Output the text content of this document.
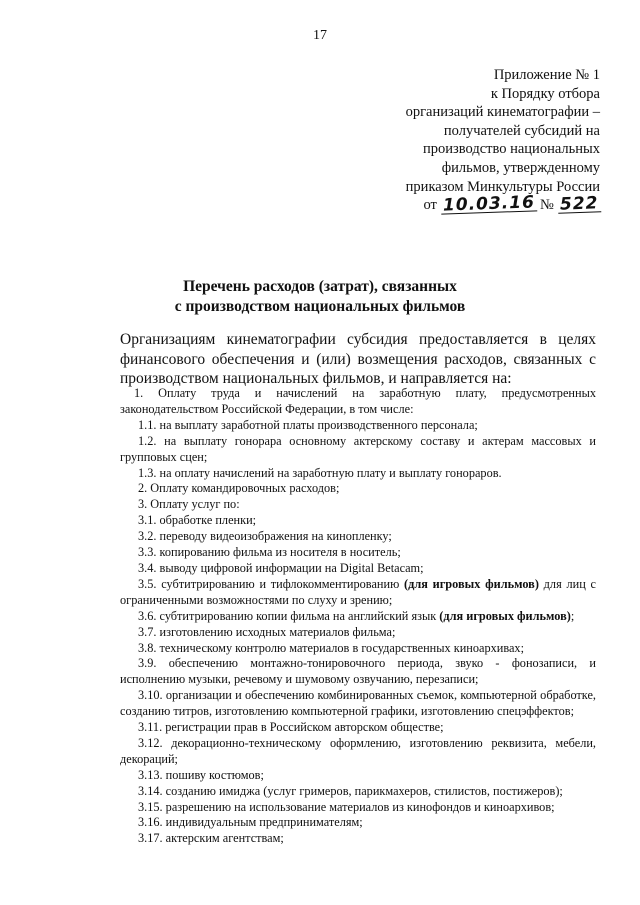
17
Приложение № 1
к Порядку отбора
организаций кинематографии –
получателей субсидий на
производство национальных
фильмов, утвержденному
приказом Минкультуры России
от 10.03.16 № 522
Перечень расходов (затрат), связанных
с производством национальных фильмов
Организациям кинематографии субсидия предоставляется в целях финансового обеспечения и (или) возмещения расходов, связанных с производством национальных фильмов, и направляется на:
1. Оплату труда и начислений на заработную плату, предусмотренных законодательством Российской Федерации, в том числе:
1.1. на выплату заработной платы производственного персонала;
1.2. на выплату гонорара основному актерскому составу и актерам массовых и групповых сцен;
1.3. на оплату начислений на заработную плату и выплату гонораров.
2. Оплату командировочных расходов;
3. Оплату услуг по:
3.1. обработке пленки;
3.2. переводу видеоизображения на кинопленку;
3.3. копированию фильма из носителя в носитель;
3.4. выводу цифровой информации на Digital Betacam;
3.5. субтитрированию и тифлокомментированию (для игровых фильмов) для лиц с ограниченными возможностями по слуху и зрению;
3.6. субтитрированию копии фильма на английский язык (для игровых фильмов);
3.7. изготовлению исходных материалов фильма;
3.8. техническому контролю материалов в государственных киноархивах;
3.9. обеспечению монтажно-тонировочного периода, звуко - фонозаписи, и исполнению музыки, речевому и шумовому озвучанию, перезаписи;
3.10. организации и обеспечению комбинированных съемок, компьютерной обработке, созданию титров, изготовлению компьютерной графики, изготовлению спецэффектов;
3.11. регистрации прав в Российском авторском обществе;
3.12. декорационно-техническому оформлению, изготовлению реквизита, мебели, декораций;
3.13. пошиву костюмов;
3.14. созданию имиджа (услуг гримеров, парикмахеров, стилистов, постижеров);
3.15. разрешению на использование материалов из кинофондов и киноархивов;
3.16. индивидуальным предпринимателям;
3.17. актерским агентствам;
